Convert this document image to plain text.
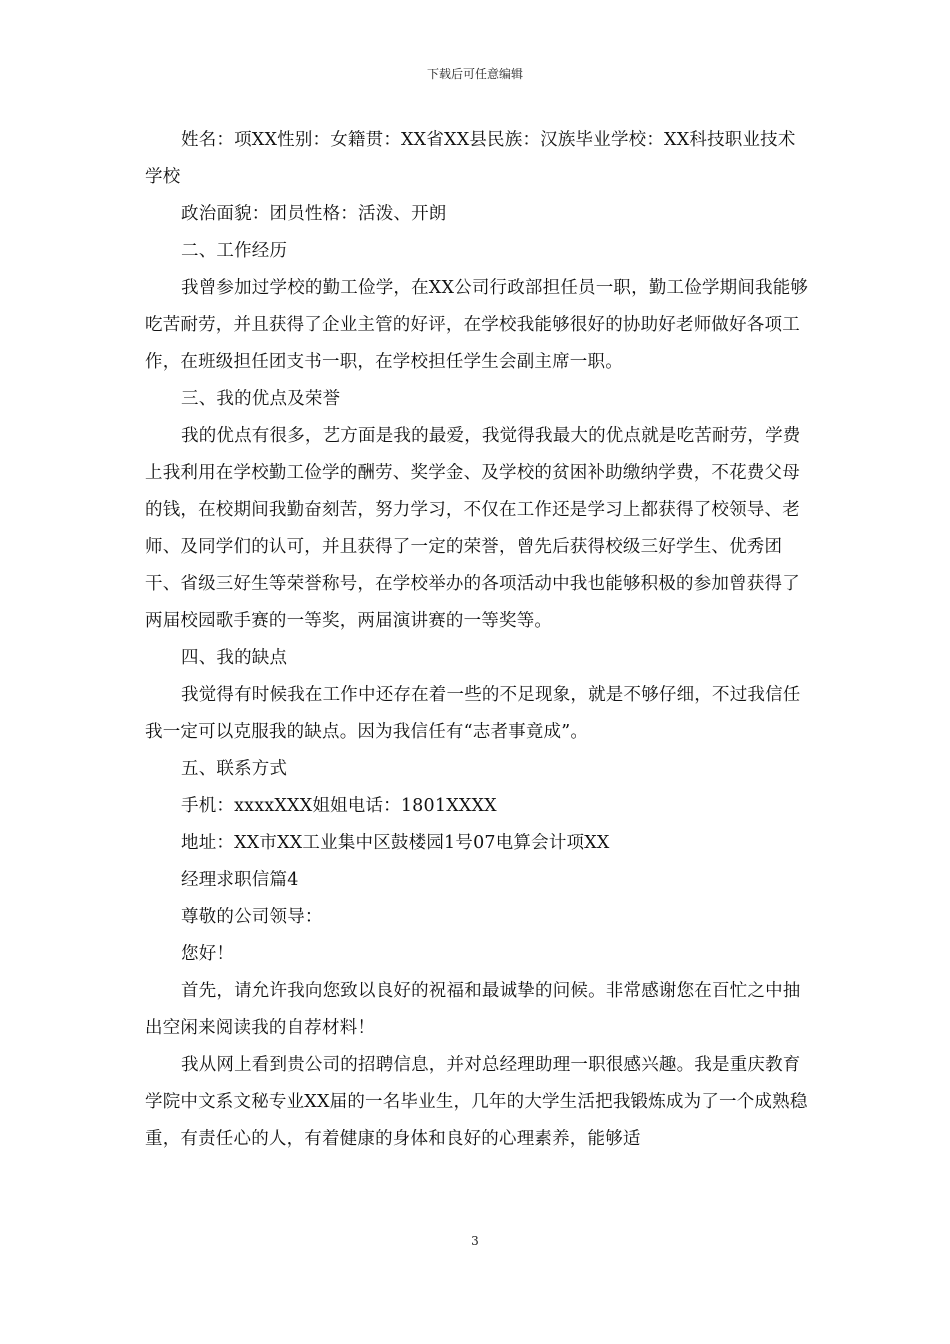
下载后可任意编辑

姓名：项XX性别：女籍贯：XX省XX县民族：汉族毕业学校：XX科技职业技术学校

政治面貌：团员性格：活泼、开朗

二、工作经历

我曾参加过学校的勤工俭学，在XX公司行政部担任员一职，勤工俭学期间我能够吃苦耐劳，并且获得了企业主管的好评，在学校我能够很好的协助好老师做好各项工作，在班级担任团支书一职，在学校担任学生会副主席一职。

三、我的优点及荣誉

我的优点有很多，艺方面是我的最爱，我觉得我最大的优点就是吃苦耐劳，学费上我利用在学校勤工俭学的酬劳、奖学金、及学校的贫困补助缴纳学费，不花费父母的钱，在校期间我勤奋刻苦，努力学习，不仅在工作还是学习上都获得了校领导、老师、及同学们的认可，并且获得了一定的荣誉，曾先后获得校级三好学生、优秀团干、省级三好生等荣誉称号，在学校举办的各项活动中我也能够积极的参加曾获得了两届校园歌手赛的一等奖，两届演讲赛的一等奖等。

四、我的缺点

我觉得有时候我在工作中还存在着一些的不足现象，就是不够仔细，不过我信任我一定可以克服我的缺点。因为我信任有“志者事竟成”。

五、联系方式

手机：xxxxXXX姐姐电话：1801XXXX

地址：XX市XX工业集中区鼓楼园1号07电算会计项XX

经理求职信篇4

尊敬的公司领导：

您好！

首先，请允许我向您致以良好的祝福和最诚挚的问候。非常感谢您在百忙之中抽出空闲来阅读我的自荐材料！

我从网上看到贵公司的招聘信息，并对总经理助理一职很感兴趣。我是重庆教育学院中文系文秘专业XX届的一名毕业生，几年的大学生活把我锻炼成为了一个成熟稳重，有责任心的人，有着健康的身体和良好的心理素养，能够适

3
